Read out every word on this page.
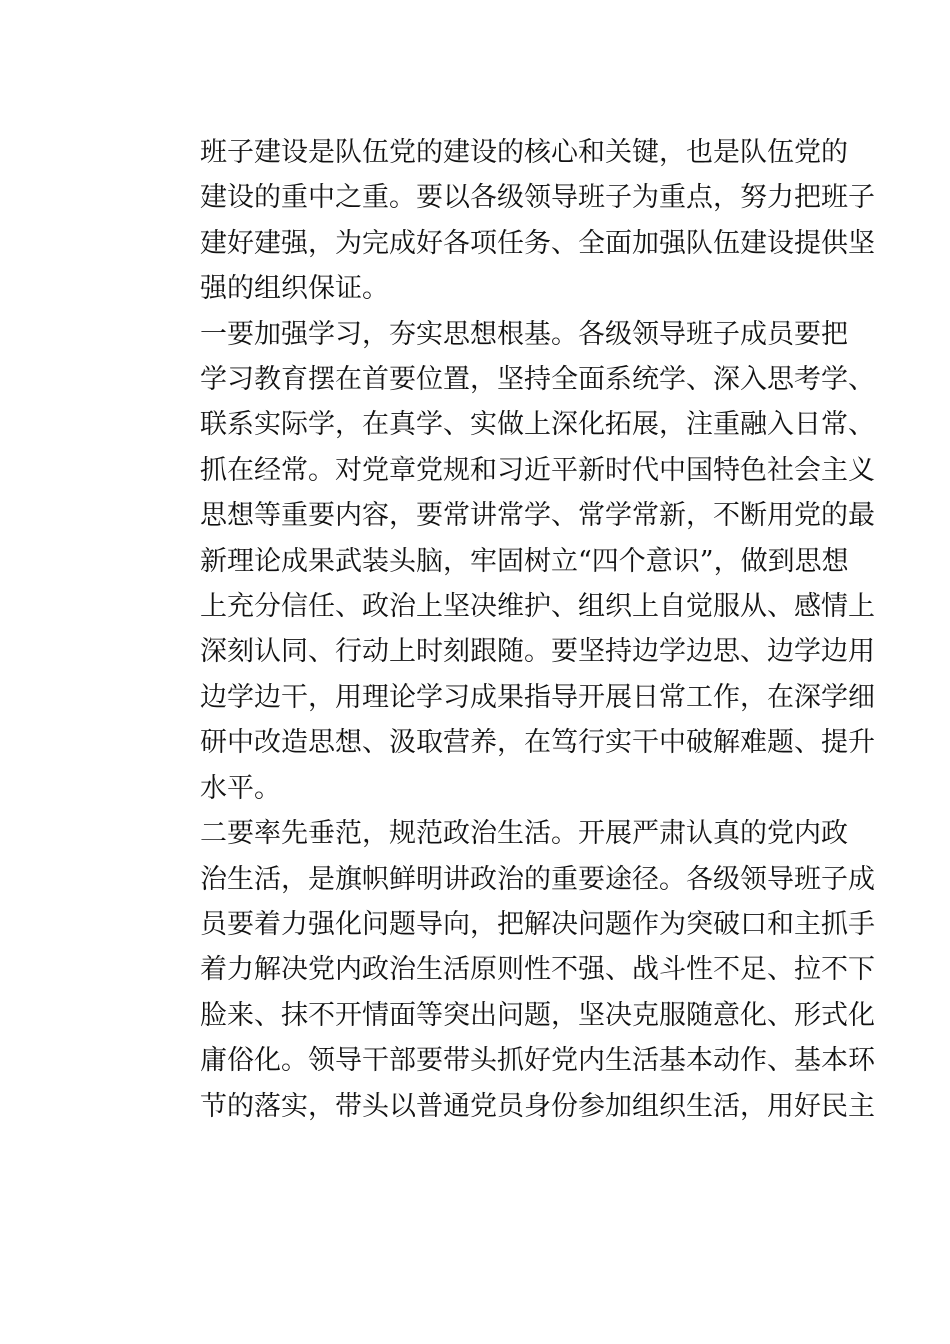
班子建设是队伍党的建设的核心和关键，也是队伍党的
建设的重中之重。要以各级领导班子为重点，努力把班子
建好建强，为完成好各项任务、全面加强队伍建设提供坚
强的组织保证。

一要加强学习，夯实思想根基。各级领导班子成员要把
学习教育摆在首要位置，坚持全面系统学、深入思考学、
联系实际学，在真学、实做上深化拓展，注重融入日常、
抓在经常。对党章党规和习近平新时代中国特色社会主义
思想等重要内容，要常讲常学、常学常新，不断用党的最
新理论成果武装头脑，牢固树立“四个意识”，做到思想
上充分信任、政治上坚决维护、组织上自觉服从、感情上
深刻认同、行动上时刻跟随。要坚持边学边思、边学边用
边学边干，用理论学习成果指导开展日常工作，在深学细
研中改造思想、汲取营养，在笃行实干中破解难题、提升
水平。

二要率先垂范，规范政治生活。开展严肃认真的党内政
治生活，是旗帜鲜明讲政治的重要途径。各级领导班子成
员要着力强化问题导向，把解决问题作为突破口和主抓手
着力解决党内政治生活原则性不强、战斗性不足、拉不下
脸来、抹不开情面等突出问题，坚决克服随意化、形式化
庸俗化。领导干部要带头抓好党内生活基本动作、基本环
节的落实，带头以普通党员身份参加组织生活，用好民主
